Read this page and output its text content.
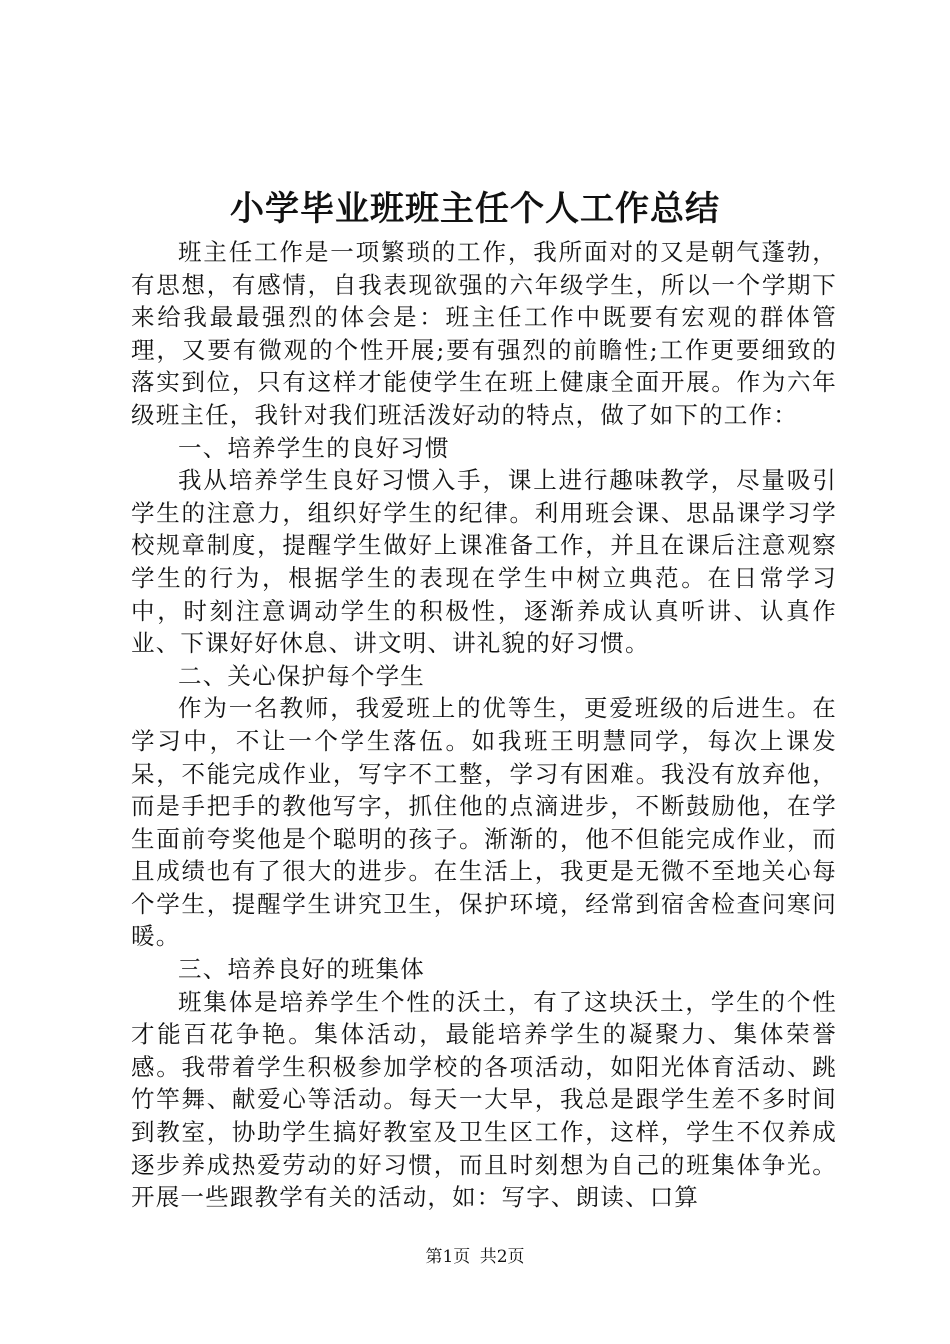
小学毕业班班主任个人工作总结

班主任工作是一项繁琐的工作，我所面对的又是朝气蓬勃，有思想，有感情，自我表现欲强的六年级学生，所以一个学期下来给我最最强烈的体会是：班主任工作中既要有宏观的群体管理，又要有微观的个性开展;要有强烈的前瞻性;工作更要细致的落实到位，只有这样才能使学生在班上健康全面开展。作为六年级班主任，我针对我们班活泼好动的特点，做了如下的工作：

一、培养学生的良好习惯

我从培养学生良好习惯入手，课上进行趣味教学，尽量吸引学生的注意力，组织好学生的纪律。利用班会课、思品课学习学校规章制度，提醒学生做好上课准备工作，并且在课后注意观察学生的行为，根据学生的表现在学生中树立典范。在日常学习中，时刻注意调动学生的积极性，逐渐养成认真听讲、认真作业、下课好好休息、讲文明、讲礼貌的好习惯。

二、关心保护每个学生

作为一名教师，我爱班上的优等生，更爱班级的后进生。在学习中，不让一个学生落伍。如我班王明慧同学，每次上课发呆，不能完成作业，写字不工整，学习有困难。我没有放弃他，而是手把手的教他写字，抓住他的点滴进步，不断鼓励他，在学生面前夸奖他是个聪明的孩子。渐渐的，他不但能完成作业，而且成绩也有了很大的进步。在生活上，我更是无微不至地关心每个学生，提醒学生讲究卫生，保护环境，经常到宿舍检查问寒问暖。

三、培养良好的班集体

班集体是培养学生个性的沃土，有了这块沃土，学生的个性才能百花争艳。集体活动，最能培养学生的凝聚力、集体荣誉感。我带着学生积极参加学校的各项活动，如阳光体育活动、跳竹竿舞、献爱心等活动。每天一大早，我总是跟学生差不多时间到教室，协助学生搞好教室及卫生区工作，这样，学生不仅养成逐步养成热爱劳动的好习惯，而且时刻想为自己的班集体争光。开展一些跟教学有关的活动，如：写字、朗读、口算

第1页 共2页
